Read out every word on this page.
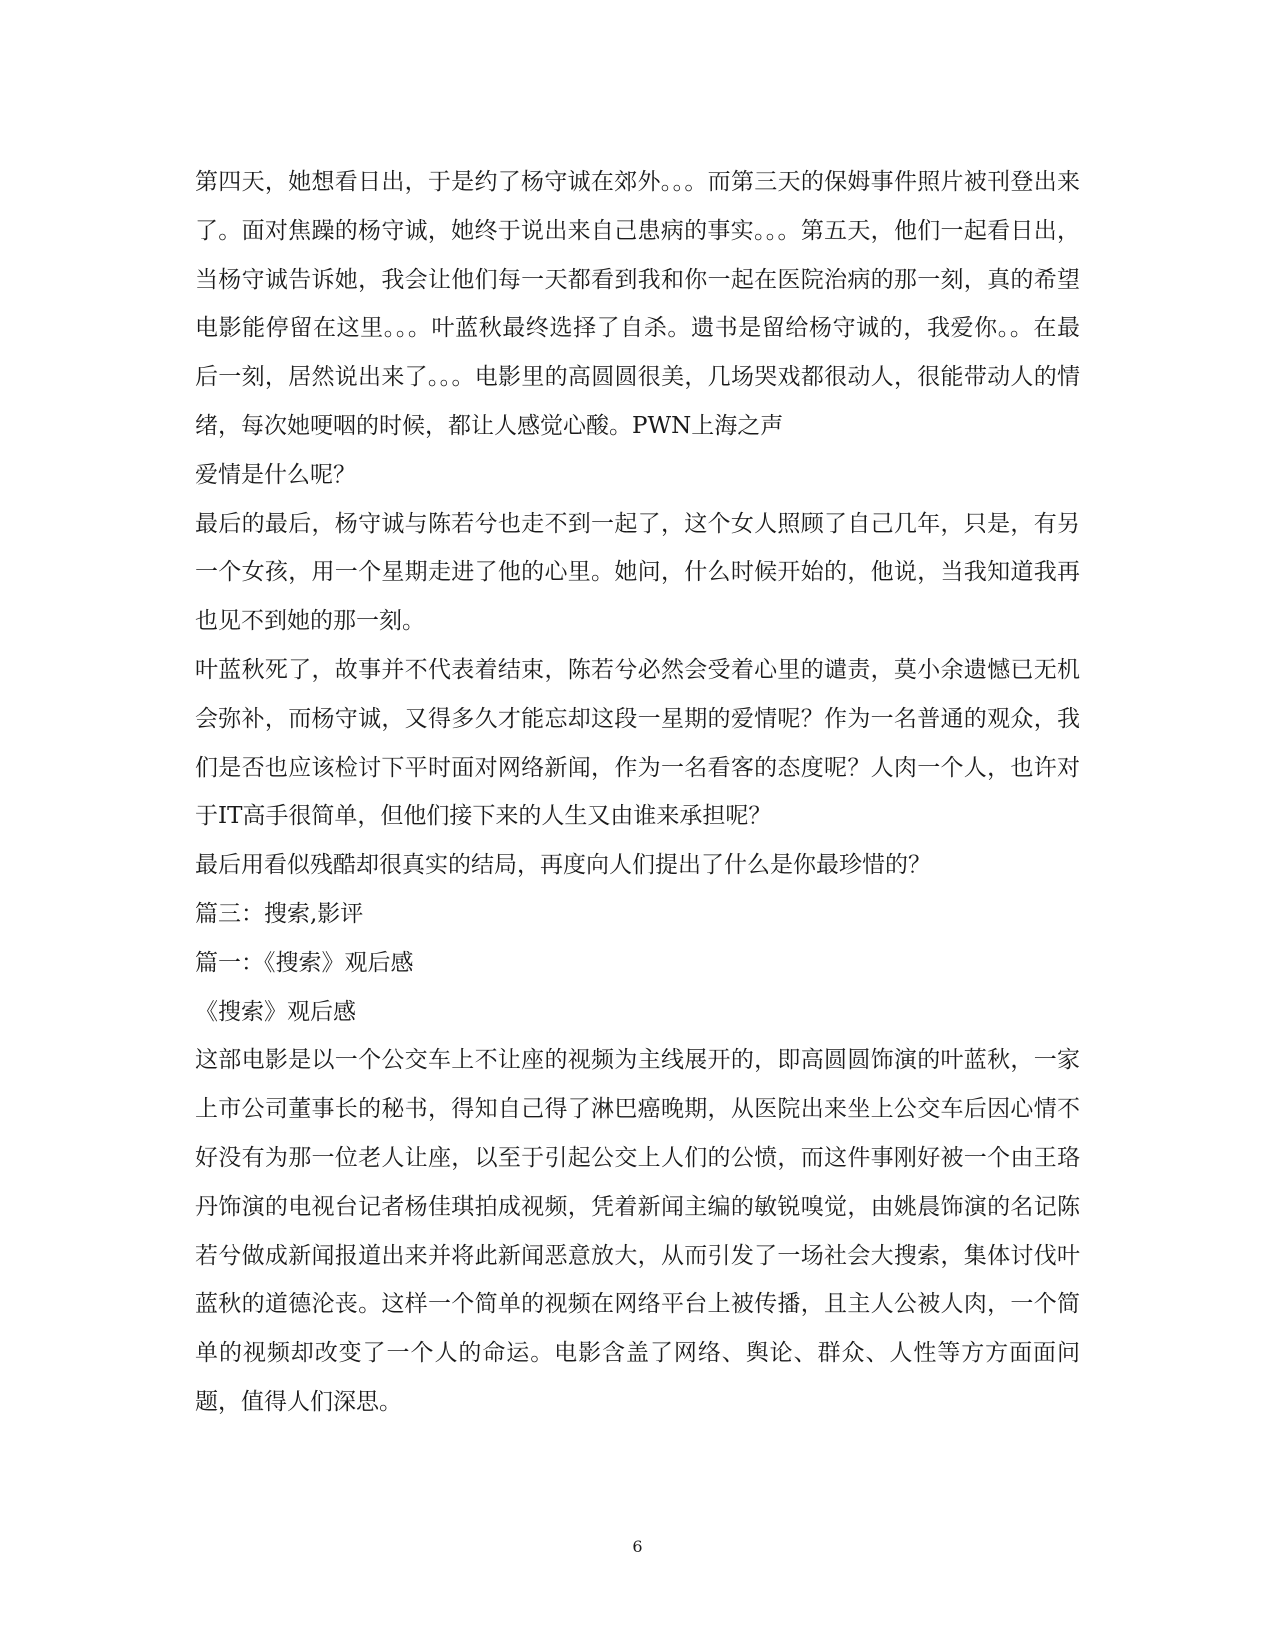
第四天，她想看日出，于是约了杨守诚在郊外。。。而第三天的保姆事件照片被刊登出来了。面对焦躁的杨守诚，她终于说出来自己患病的事实。。。第五天，他们一起看日出，当杨守诚告诉她，我会让他们每一天都看到我和你一起在医院治病的那一刻，真的希望电影能停留在这里。。。叶蓝秋最终选择了自杀。遗书是留给杨守诚的，我爱你。。在最后一刻，居然说出来了。。。电影里的高圆圆很美，几场哭戏都很动人，很能带动人的情绪，每次她哽咽的时候，都让人感觉心酸。PWN上海之声

爱情是什么呢？

最后的最后，杨守诚与陈若兮也走不到一起了，这个女人照顾了自己几年，只是，有另一个女孩，用一个星期走进了他的心里。她问，什么时候开始的，他说，当我知道我再也见不到她的那一刻。

叶蓝秋死了，故事并不代表着结束，陈若兮必然会受着心里的谴责，莫小余遗憾已无机会弥补，而杨守诚，又得多久才能忘却这段一星期的爱情呢？作为一名普通的观众，我们是否也应该检讨下平时面对网络新闻，作为一名看客的态度呢？人肉一个人，也许对于IT高手很简单，但他们接下来的人生又由谁来承担呢？

最后用看似残酷却很真实的结局，再度向人们提出了什么是你最珍惜的？

篇三：搜索,影评

篇一：《搜索》观后感

《搜索》观后感

这部电影是以一个公交车上不让座的视频为主线展开的，即高圆圆饰演的叶蓝秋，一家上市公司董事长的秘书，得知自己得了淋巴癌晚期，从医院出来坐上公交车后因心情不好没有为那一位老人让座，以至于引起公交上人们的公愤，而这件事刚好被一个由王珞丹饰演的电视台记者杨佳琪拍成视频，凭着新闻主编的敏锐嗅觉，由姚晨饰演的名记陈若兮做成新闻报道出来并将此新闻恶意放大，从而引发了一场社会大搜索，集体讨伐叶蓝秋的道德沦丧。这样一个简单的视频在网络平台上被传播，且主人公被人肉，一个简单的视频却改变了一个人的命运。电影含盖了网络、舆论、群众、人性等方方面面问题，值得人们深思。

6
